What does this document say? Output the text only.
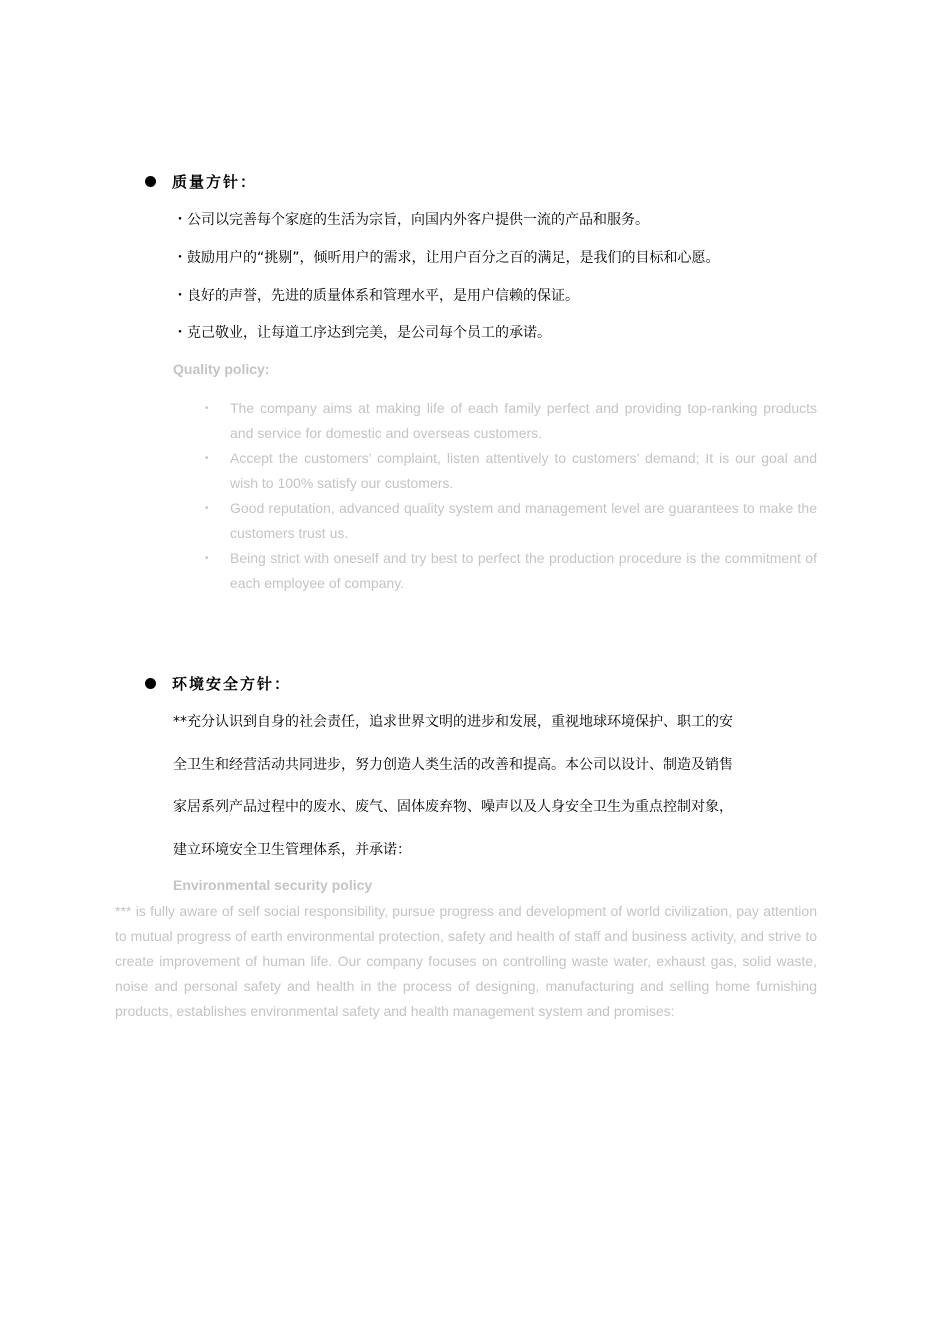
质量方针：
・公司以完善每个家庭的生活为宗旨，向国内外客户提供一流的产品和服务。
・鼓励用户的“挑剔”，倾听用户的需求，让用户百分之百的满足，是我们的目标和心愿。
・良好的声誉，先进的质量体系和管理水平，是用户信赖的保证。
・克己敬业，让每道工序达到完美，是公司每个员工的承诺。
Quality policy:
• The company aims at making life of each family perfect and providing top-ranking products and service for domestic and overseas customers.
• Accept the customers’ complaint, listen attentively to customers’ demand; It is our goal and wish to 100% satisfy our customers.
• Good reputation, advanced quality system and management level are guarantees to make the customers trust us.
• Being strict with oneself and try best to perfect the production procedure is the commitment of each employee of company.
环境安全方针：
**充分认识到自身的社会责任，追求世界文明的进步和发展，重视地球环境保护、职工的安
全卫生和经营活动共同进步，努力创造人类生活的改善和提高。本公司以设计、制造及销售
家居系列产品过程中的废水、废气、固体废弃物、噪声以及人身安全卫生为重点控制对象，
建立环境安全卫生管理体系，并承诺：
Environmental security policy
*** is fully aware of self social responsibility, pursue progress and development of world civilization, pay attention to mutual progress of earth environmental protection, safety and health of staff and business activity, and strive to create improvement of human life. Our company focuses on controlling waste water, exhaust gas, solid waste, noise and personal safety and health in the process of designing, manufacturing and selling home furnishing products, establishes environmental safety and health management system and promises:
